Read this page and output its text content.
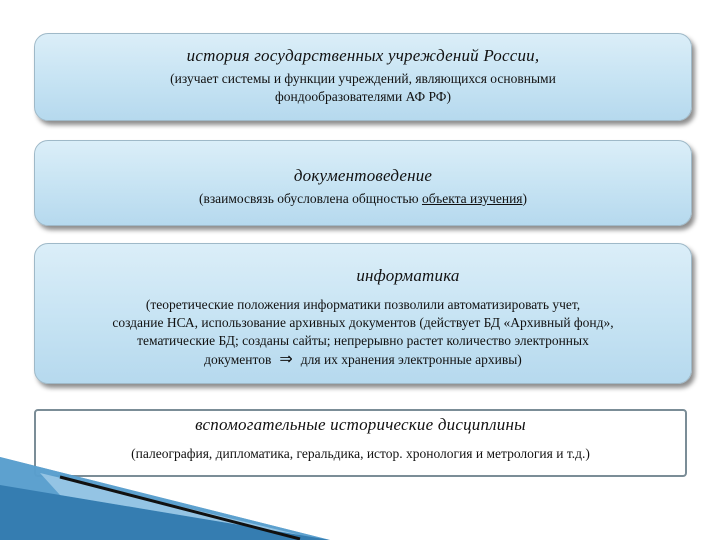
история государственных учреждений России,
(изучает системы и функции учреждений, являющихся основными
фондообразователями АФ РФ)
документоведение
(взаимосвязь обусловлена общностью объекта изучения)
информатика
(теоретические положения информатики позволили автоматизировать учет,
создание НСА, использование архивных документов (действует БД «Архивный фонд»,
тематические БД; созданы сайты; непрерывно растет количество электронных
документов ⇒ для их хранения электронные архивы)
вспомогательные исторические дисциплины
(палеография, дипломатика, геральдика, истор. хронология и метрология и т.д.)
